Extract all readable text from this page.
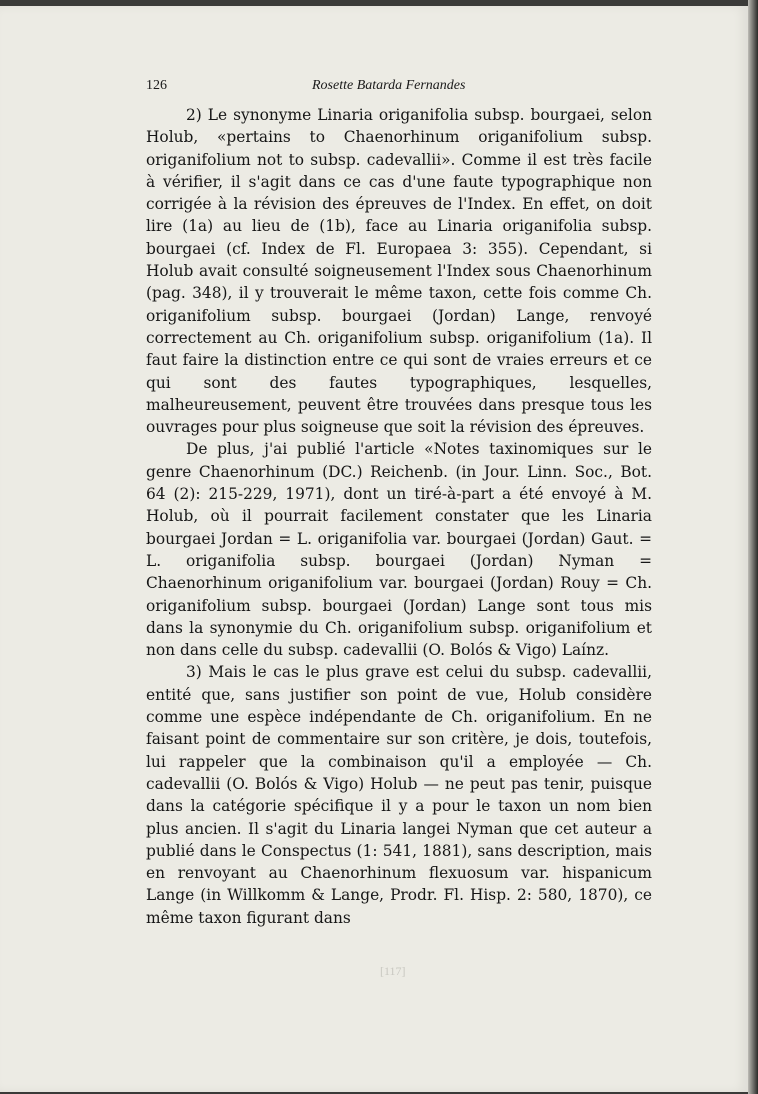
126	Rosette Batarda Fernandes

2) Le synonyme Linaria origanifolia subsp. bourgaei, selon Holub, «pertains to Chaenorhinum origanifolium subsp. origanifolium not to subsp. cadevallii». Comme il est très facile à vérifier, il s'agit dans ce cas d'une faute typographique non corrigée à la révision des épreuves de l'Index. En effet, on doit lire (1a) au lieu de (1b), face au Linaria origanifolia subsp. bourgaei (cf. Index de Fl. Europaea 3: 355). Cependant, si Holub avait consulté soigneusement l'Index sous Chaenorhinum (pag. 348), il y trouverait le même taxon, cette fois comme Ch. origanifolium subsp. bourgaei (Jordan) Lange, renvoyé correctement au Ch. origanifolium subsp. origanifolium (1a). Il faut faire la distinction entre ce qui sont de vraies erreurs et ce qui sont des fautes typographiques, lesquelles, malheureusement, peuvent être trouvées dans presque tous les ouvrages pour plus soigneuse que soit la révision des épreuves.

De plus, j'ai publié l'article «Notes taxinomiques sur le genre Chaenorhinum (DC.) Reichenb. (in Jour. Linn. Soc., Bot. 64 (2): 215-229, 1971), dont un tiré-à-part a été envoyé à M. Holub, où il pourrait facilement constater que les Linaria bourgaei Jordan = L. origanifolia var. bourgaei (Jordan) Gaut. = L. origanifolia subsp. bourgaei (Jordan) Nyman = Chaenorhinum origanifolium var. bourgaei (Jordan) Rouy = Ch. origanifolium subsp. bourgaei (Jordan) Lange sont tous mis dans la synonymie du Ch. origanifolium subsp. origanifolium et non dans celle du subsp. cadevallii (O. Bolós & Vigo) Laínz.

3) Mais le cas le plus grave est celui du subsp. cadevallii, entité que, sans justifier son point de vue, Holub considère comme une espèce indépendante de Ch. origanifolium. En ne faisant point de commentaire sur son critère, je dois, toutefois, lui rappeler que la combinaison qu'il a employée — Ch. cadevallii (O. Bolós & Vigo) Holub — ne peut pas tenir, puisque dans la catégorie spécifique il y a pour le taxon un nom bien plus ancien. Il s'agit du Linaria langei Nyman que cet auteur a publié dans le Conspectus (1: 541, 1881), sans description, mais en renvoyant au Chaenorhinum flexuosum var. hispanicum Lange (in Willkomm & Lange, Prodr. Fl. Hisp. 2: 580, 1870), ce même taxon figurant dans

[117]
